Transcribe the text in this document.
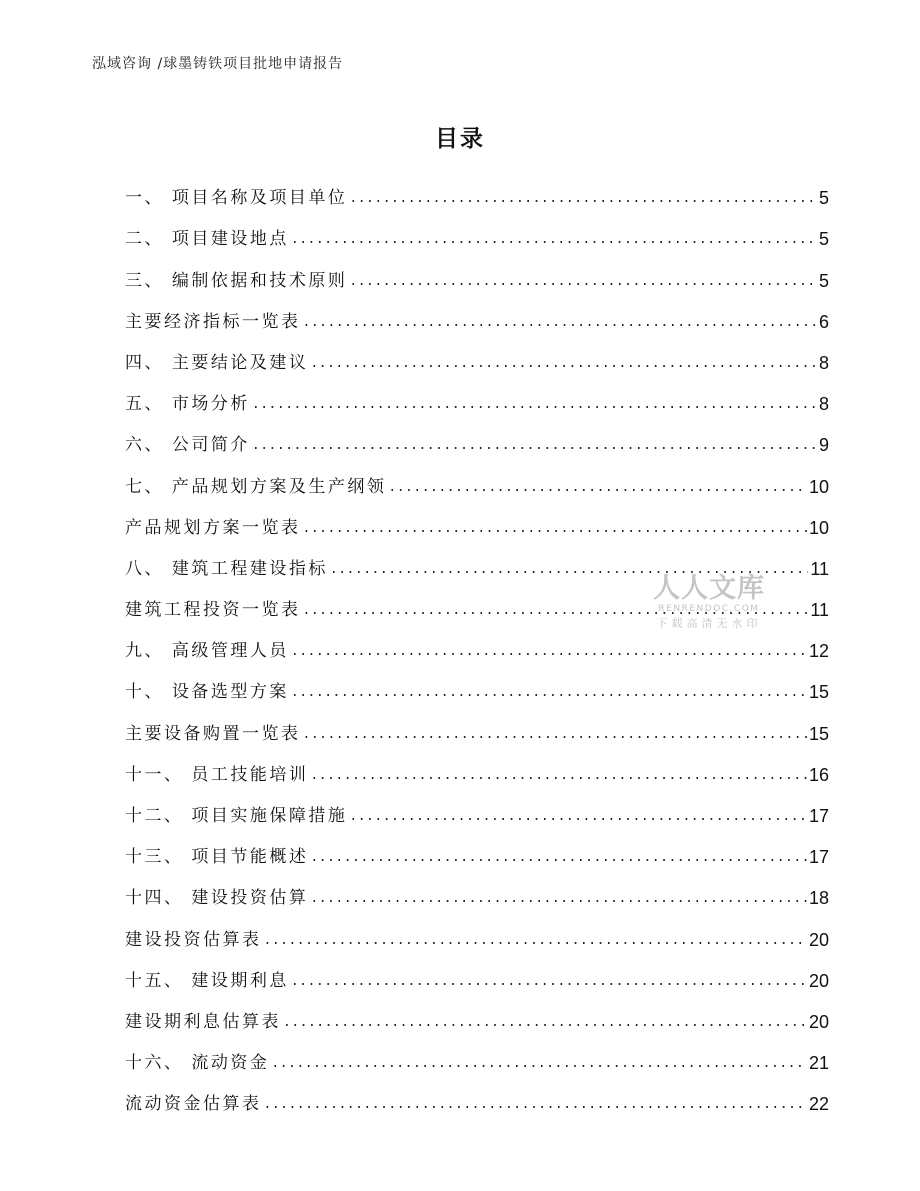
泓域咨询 /球墨铸铁项目批地申请报告
目录
一、 项目名称及项目单位 .....	5
二、 项目建设地点 .....	5
三、 编制依据和技术原则 .....	5
主要经济指标一览表 .....	6
四、 主要结论及建议 .....	8
五、 市场分析 .....	8
六、 公司简介 .....	9
七、 产品规划方案及生产纲领 .....	10
产品规划方案一览表 .....	10
八、 建筑工程建设指标 .....	11
建筑工程投资一览表 .....	11
九、 高级管理人员 .....	12
十、 设备选型方案 .....	15
主要设备购置一览表 .....	15
十一、 员工技能培训 .....	16
十二、 项目实施保障措施 .....	17
十三、 项目节能概述 .....	17
十四、 建设投资估算 .....	18
建设投资估算表 .....	20
十五、 建设期利息 .....	20
建设期利息估算表 .....	20
十六、 流动资金 .....	21
流动资金估算表 .....	22
人人文库
RENRENDOC.COM
下载高清无水印
